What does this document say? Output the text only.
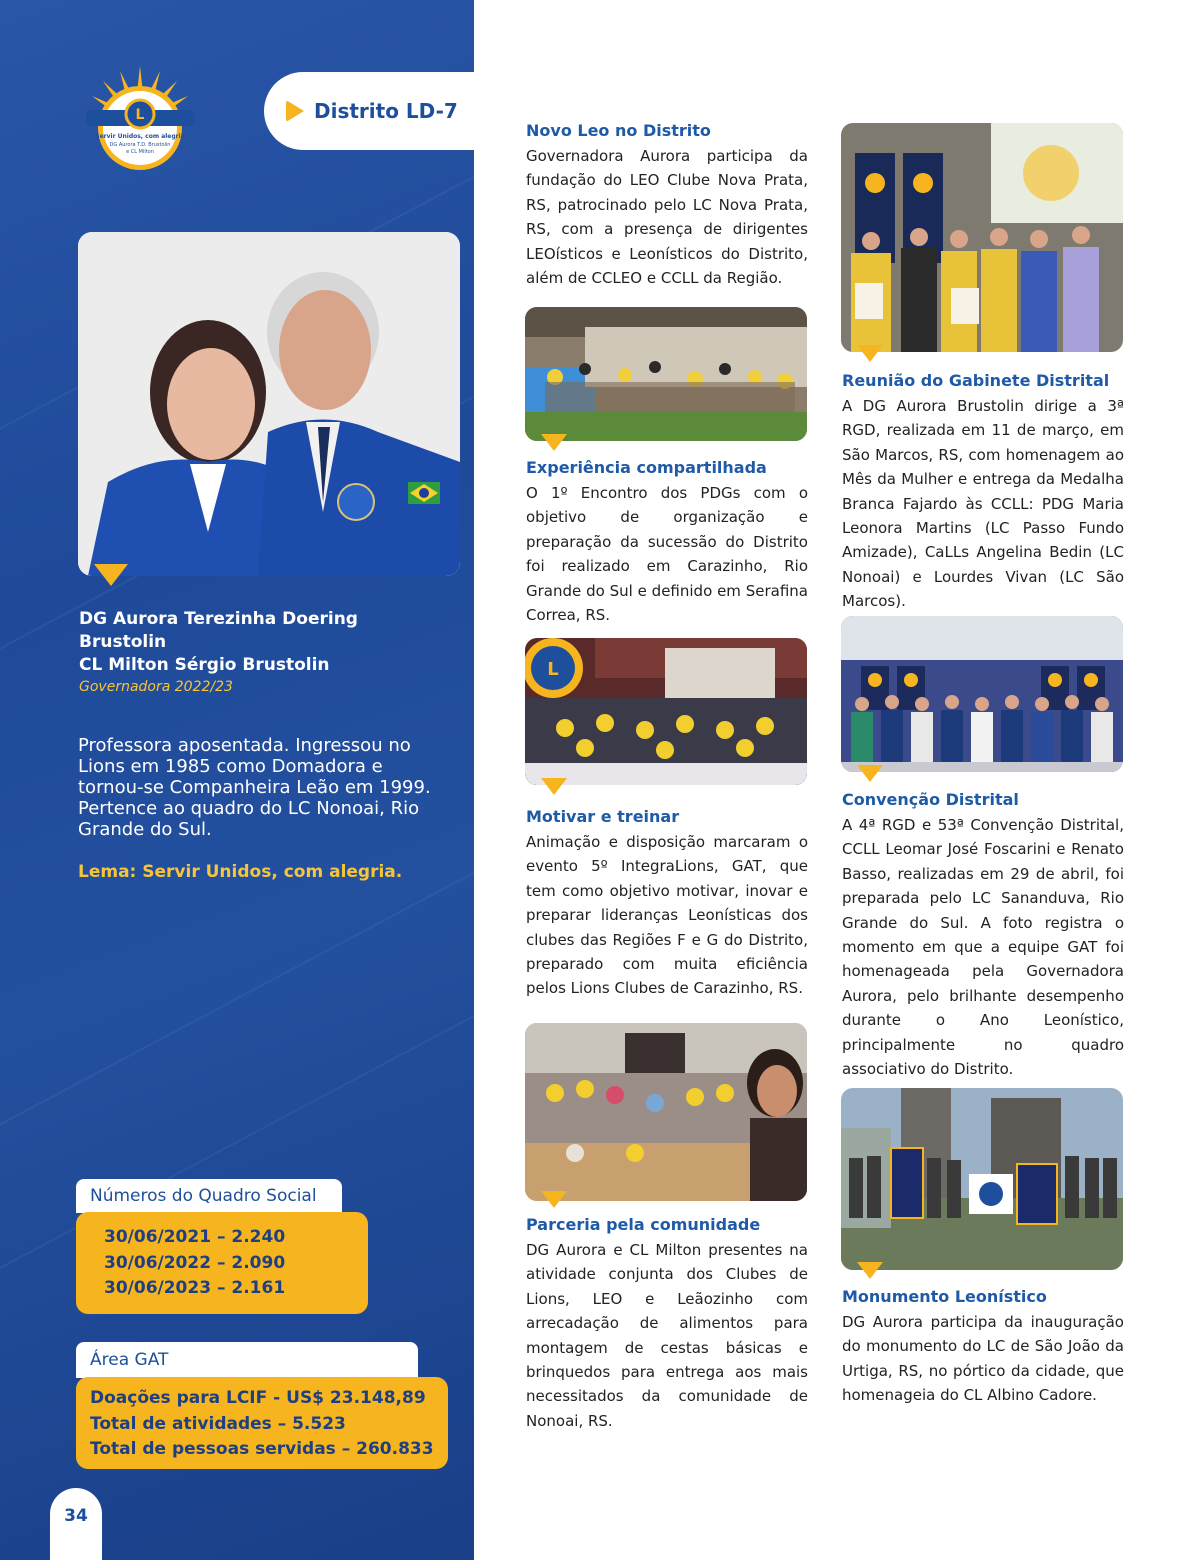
L
Servir Unidos, com alegria
DG Aurora T.D. Brustolin
e CL Milton
Distrito LD-7
DG Aurora Terezinha Doering
Brustolin
CL Milton Sérgio Brustolin
Governadora 2022/23
Professora aposentada. Ingressou no Lions em 1985 como Domadora e tornou-se Companheira Leão em 1999. Pertence ao quadro do LC Nonoai, Rio Grande do Sul.
Lema: Servir Unidos, com alegria.
Números do Quadro Social
30/06/2021 – 2.240
30/06/2022 – 2.090
30/06/2023 – 2.161
Área GAT
Doações para LCIF - US$ 23.148,89
Total de atividades – 5.523
Total de pessoas servidas – 260.833
34
Novo Leo no Distrito
Governadora Aurora participa da fundação do LEO Clube Nova Prata, RS, patrocinado pelo LC Nova Prata, RS, com a presença de dirigentes LEOísticos e Leonísticos do Distrito, além de CCLEO e CCLL da Região.
Experiência compartilhada
O 1º Encontro dos PDGs com o objetivo de organização e preparação da sucessão do Distrito foi realizado em Carazinho, Rio Grande do Sul e definido em Serafina Correa, RS.
L
Motivar e treinar
Animação e disposição marcaram o evento 5º IntegraLions, GAT, que tem como objetivo motivar, inovar e preparar lideranças Leonísticas dos clubes das Regiões F e G do Distrito, preparado com muita eficiência pelos Lions Clubes de Carazinho, RS.
Parceria pela comunidade
DG Aurora e CL Milton presentes na atividade conjunta dos Clubes de Lions, LEO e Leãozinho com arrecadação de alimentos para montagem de cestas básicas e brinquedos para entrega aos mais necessitados da comunidade de Nonoai, RS.
Reunião do Gabinete Distrital
A DG Aurora Brustolin dirige a 3ª RGD, realizada em 11 de março, em São Marcos, RS, com homenagem ao Mês da Mulher e entrega da Medalha Branca Fajardo às CCLL: PDG Maria Leonora Martins (LC Passo Fundo Amizade), CaLLs Angelina Bedin (LC Nonoai) e Lourdes Vivan (LC São Marcos).
Convenção Distrital
A 4ª RGD e 53ª Convenção Distrital, CCLL Leomar José Foscarini e Renato Basso, realizadas em 29 de abril, foi preparada pelo LC Sananduva, Rio Grande do Sul. A foto registra o momento em que a equipe GAT foi homenageada pela Governadora Aurora, pelo brilhante desempenho durante o Ano Leonístico, principalmente no quadro associativo do Distrito.
Monumento Leonístico
DG Aurora participa da inauguração do monumento do LC de São João da Urtiga, RS, no pórtico da cidade, que homenageia do CL Albino Cadore.
